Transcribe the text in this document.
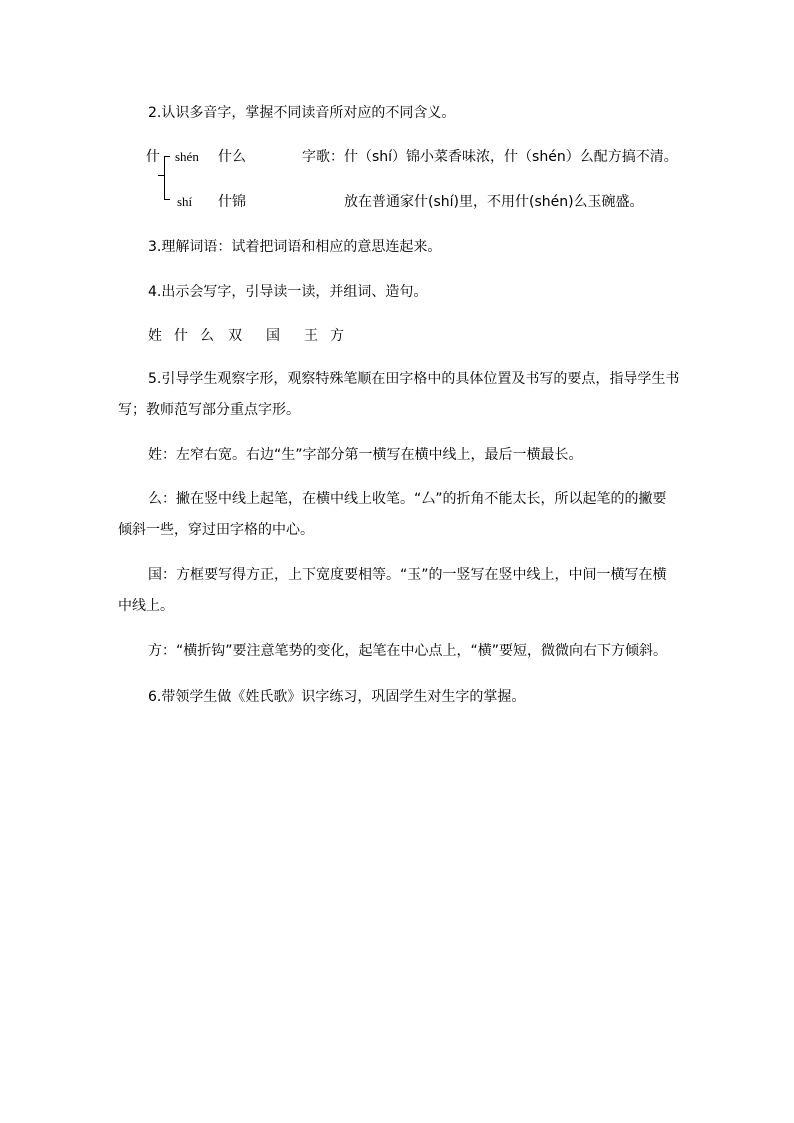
2.认识多音字，掌握不同读音所对应的不同含义。
什 shén 什么	字歌：什（shí）锦小菜香味浓，什（shén）么配方搞不清。
shí 什锦	放在普通家什(shí)里，不用什(shén)么玉碗盛。
3.理解词语：试着把词语和相应的意思连起来。
4.出示会写字，引导读一读，并组词、造句。
姓 什 么 双 国 王 方
5.引导学生观察字形，观察特殊笔顺在田字格中的具体位置及书写的要点，指导学生书
写；教师范写部分重点字形。
姓：左窄右宽。右边“生”字部分第一横写在横中线上，最后一横最长。
么：撇在竖中线上起笔，在横中线上收笔。“厶”的折角不能太长，所以起笔的的撇要
倾斜一些，穿过田字格的中心。
国：方框要写得方正，上下宽度要相等。“玉”的一竖写在竖中线上，中间一横写在横
中线上。
方：“横折钩”要注意笔势的变化，起笔在中心点上，“横”要短，微微向右下方倾斜。
6.带领学生做《姓氏歌》识字练习，巩固学生对生字的掌握。
